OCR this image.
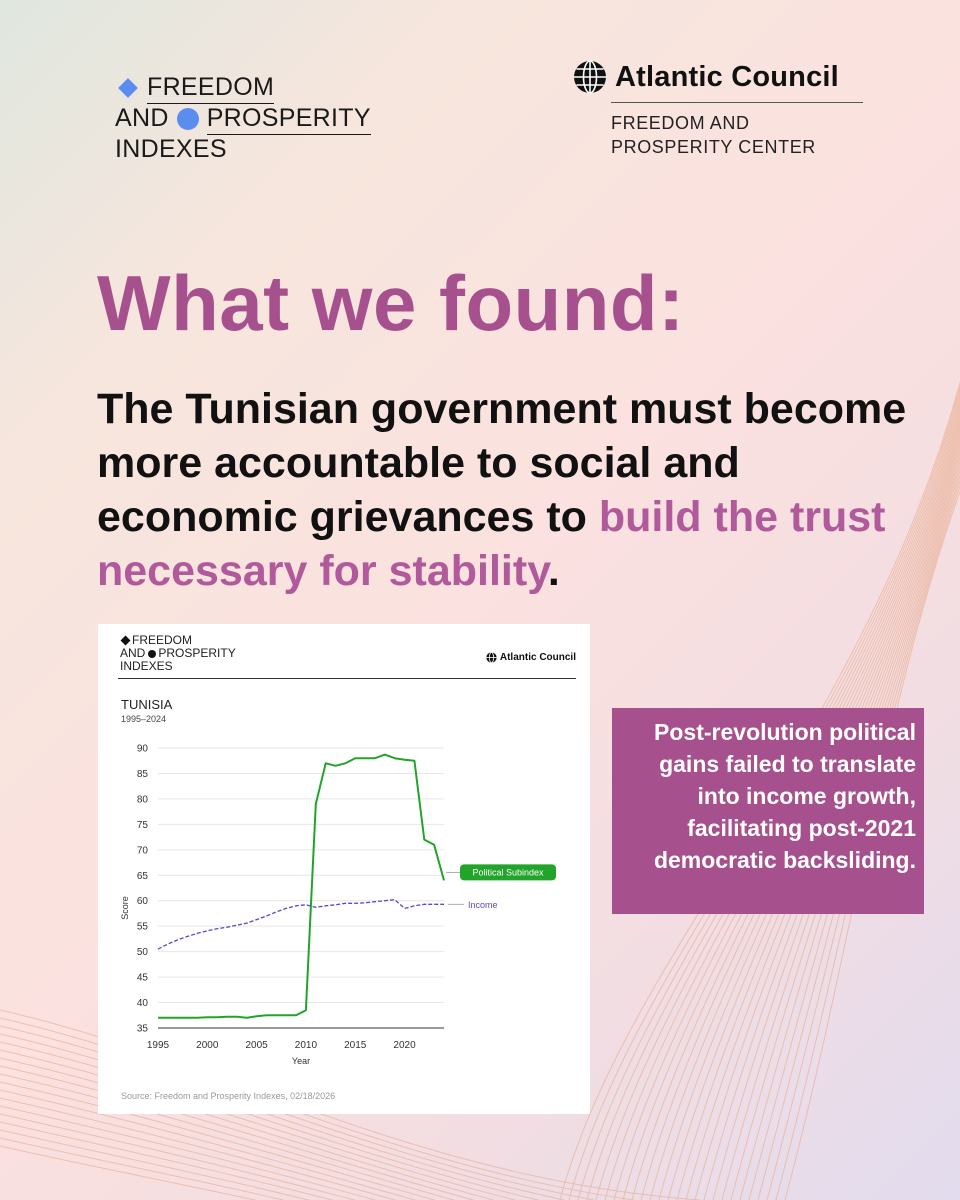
FREEDOM
AND PROSPERITY
INDEXES
Atlantic Council
FREEDOM AND
PROSPERITY CENTER
What we found:

The Tunisian government must become more accountable to social and economic grievances to build the trust necessary for stability.

FREEDOM
AND PROSPERITY
INDEXES
Atlantic Council
TUNISIA
1995–2024
35
40
45
50
55
60
65
70
75
80
85
90
1995	2000	2005	2010	2015	2020
Year
Score
Political Subindex
Income
Source: Freedom and Prosperity Indexes, 02/18/2026
Post-revolution political gains failed to translate into income growth, facilitating post-2021 democratic backsliding.
